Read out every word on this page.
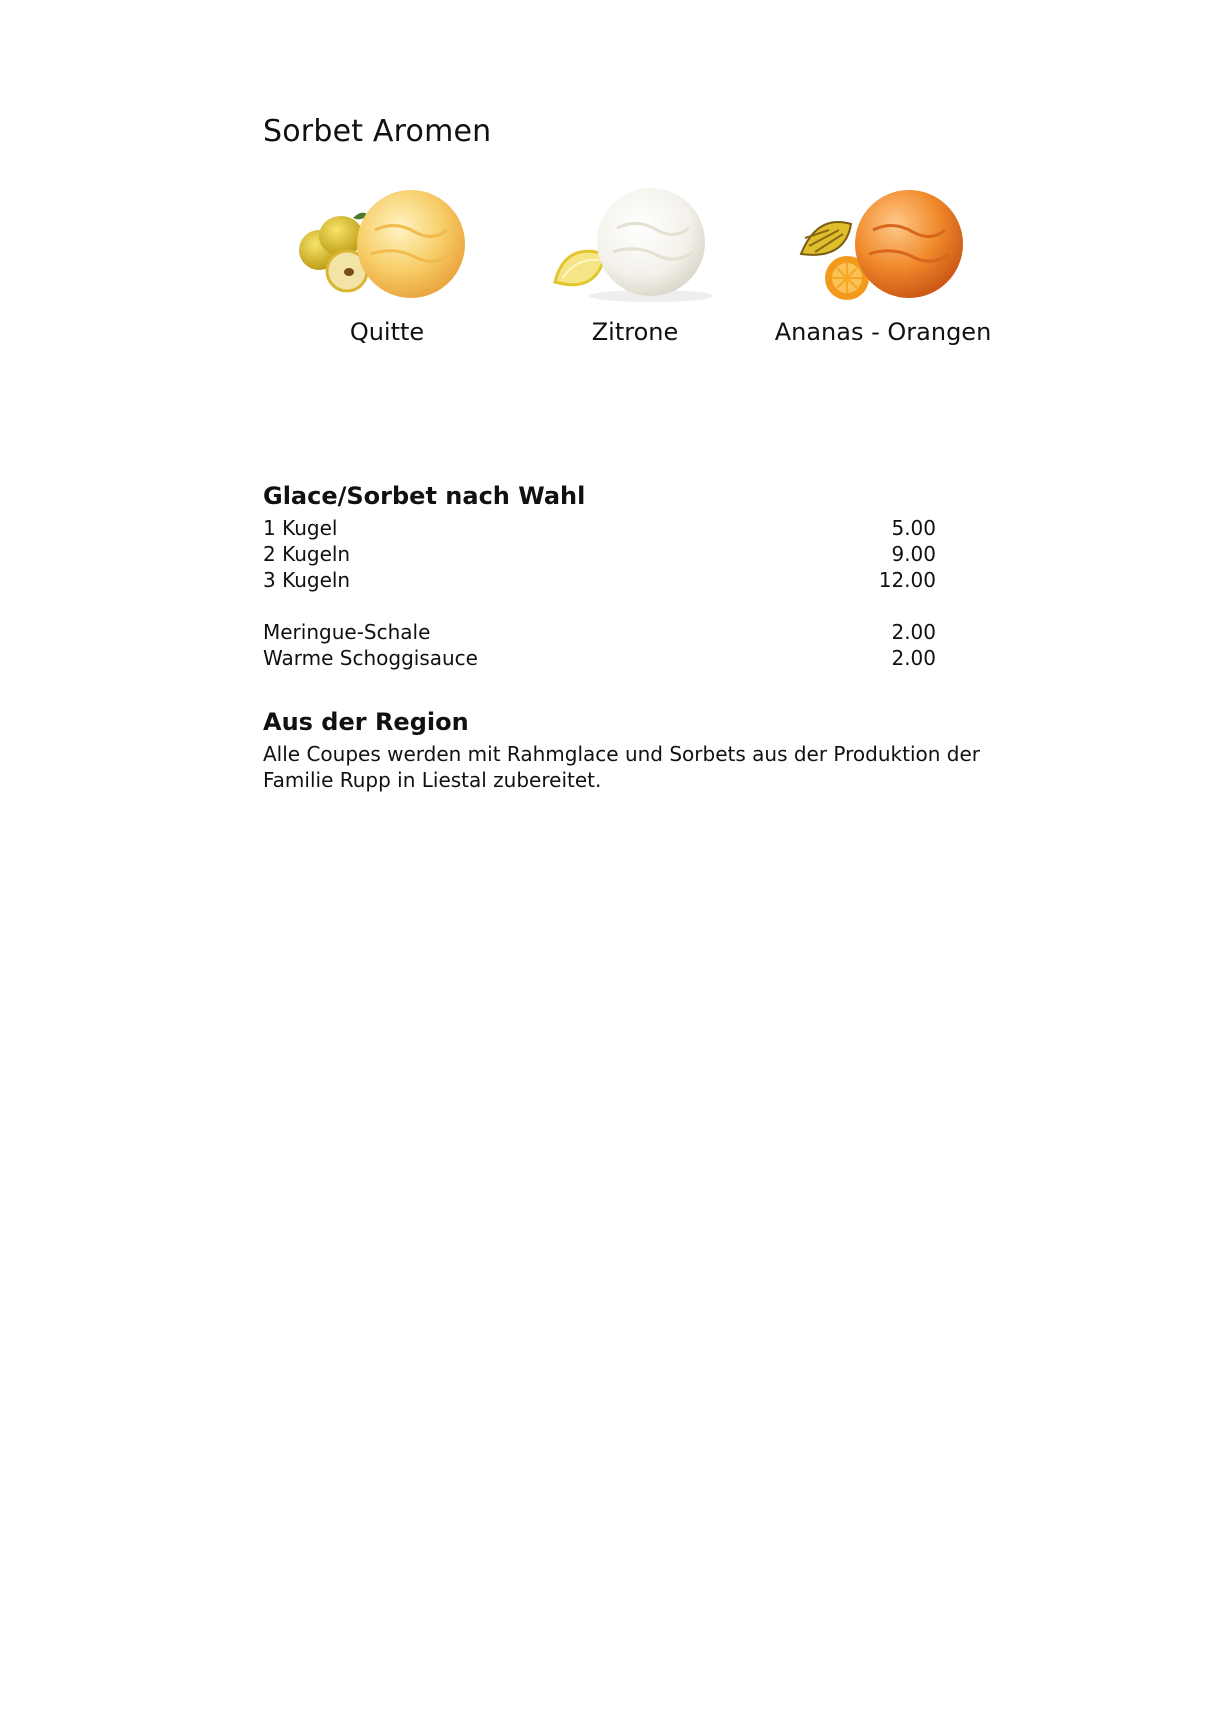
Sorbet Aromen
Quitte	Zitrone	Ananas - Orangen
Glace/Sorbet nach Wahl
1 Kugel	5.00
2 Kugeln	9.00
3 Kugeln	12.00
Meringue-Schale	2.00
Warme Schoggisauce	2.00
Aus der Region

Alle Coupes werden mit Rahmglace und Sorbets aus der Produktion der Familie Rupp in Liestal zubereitet.
